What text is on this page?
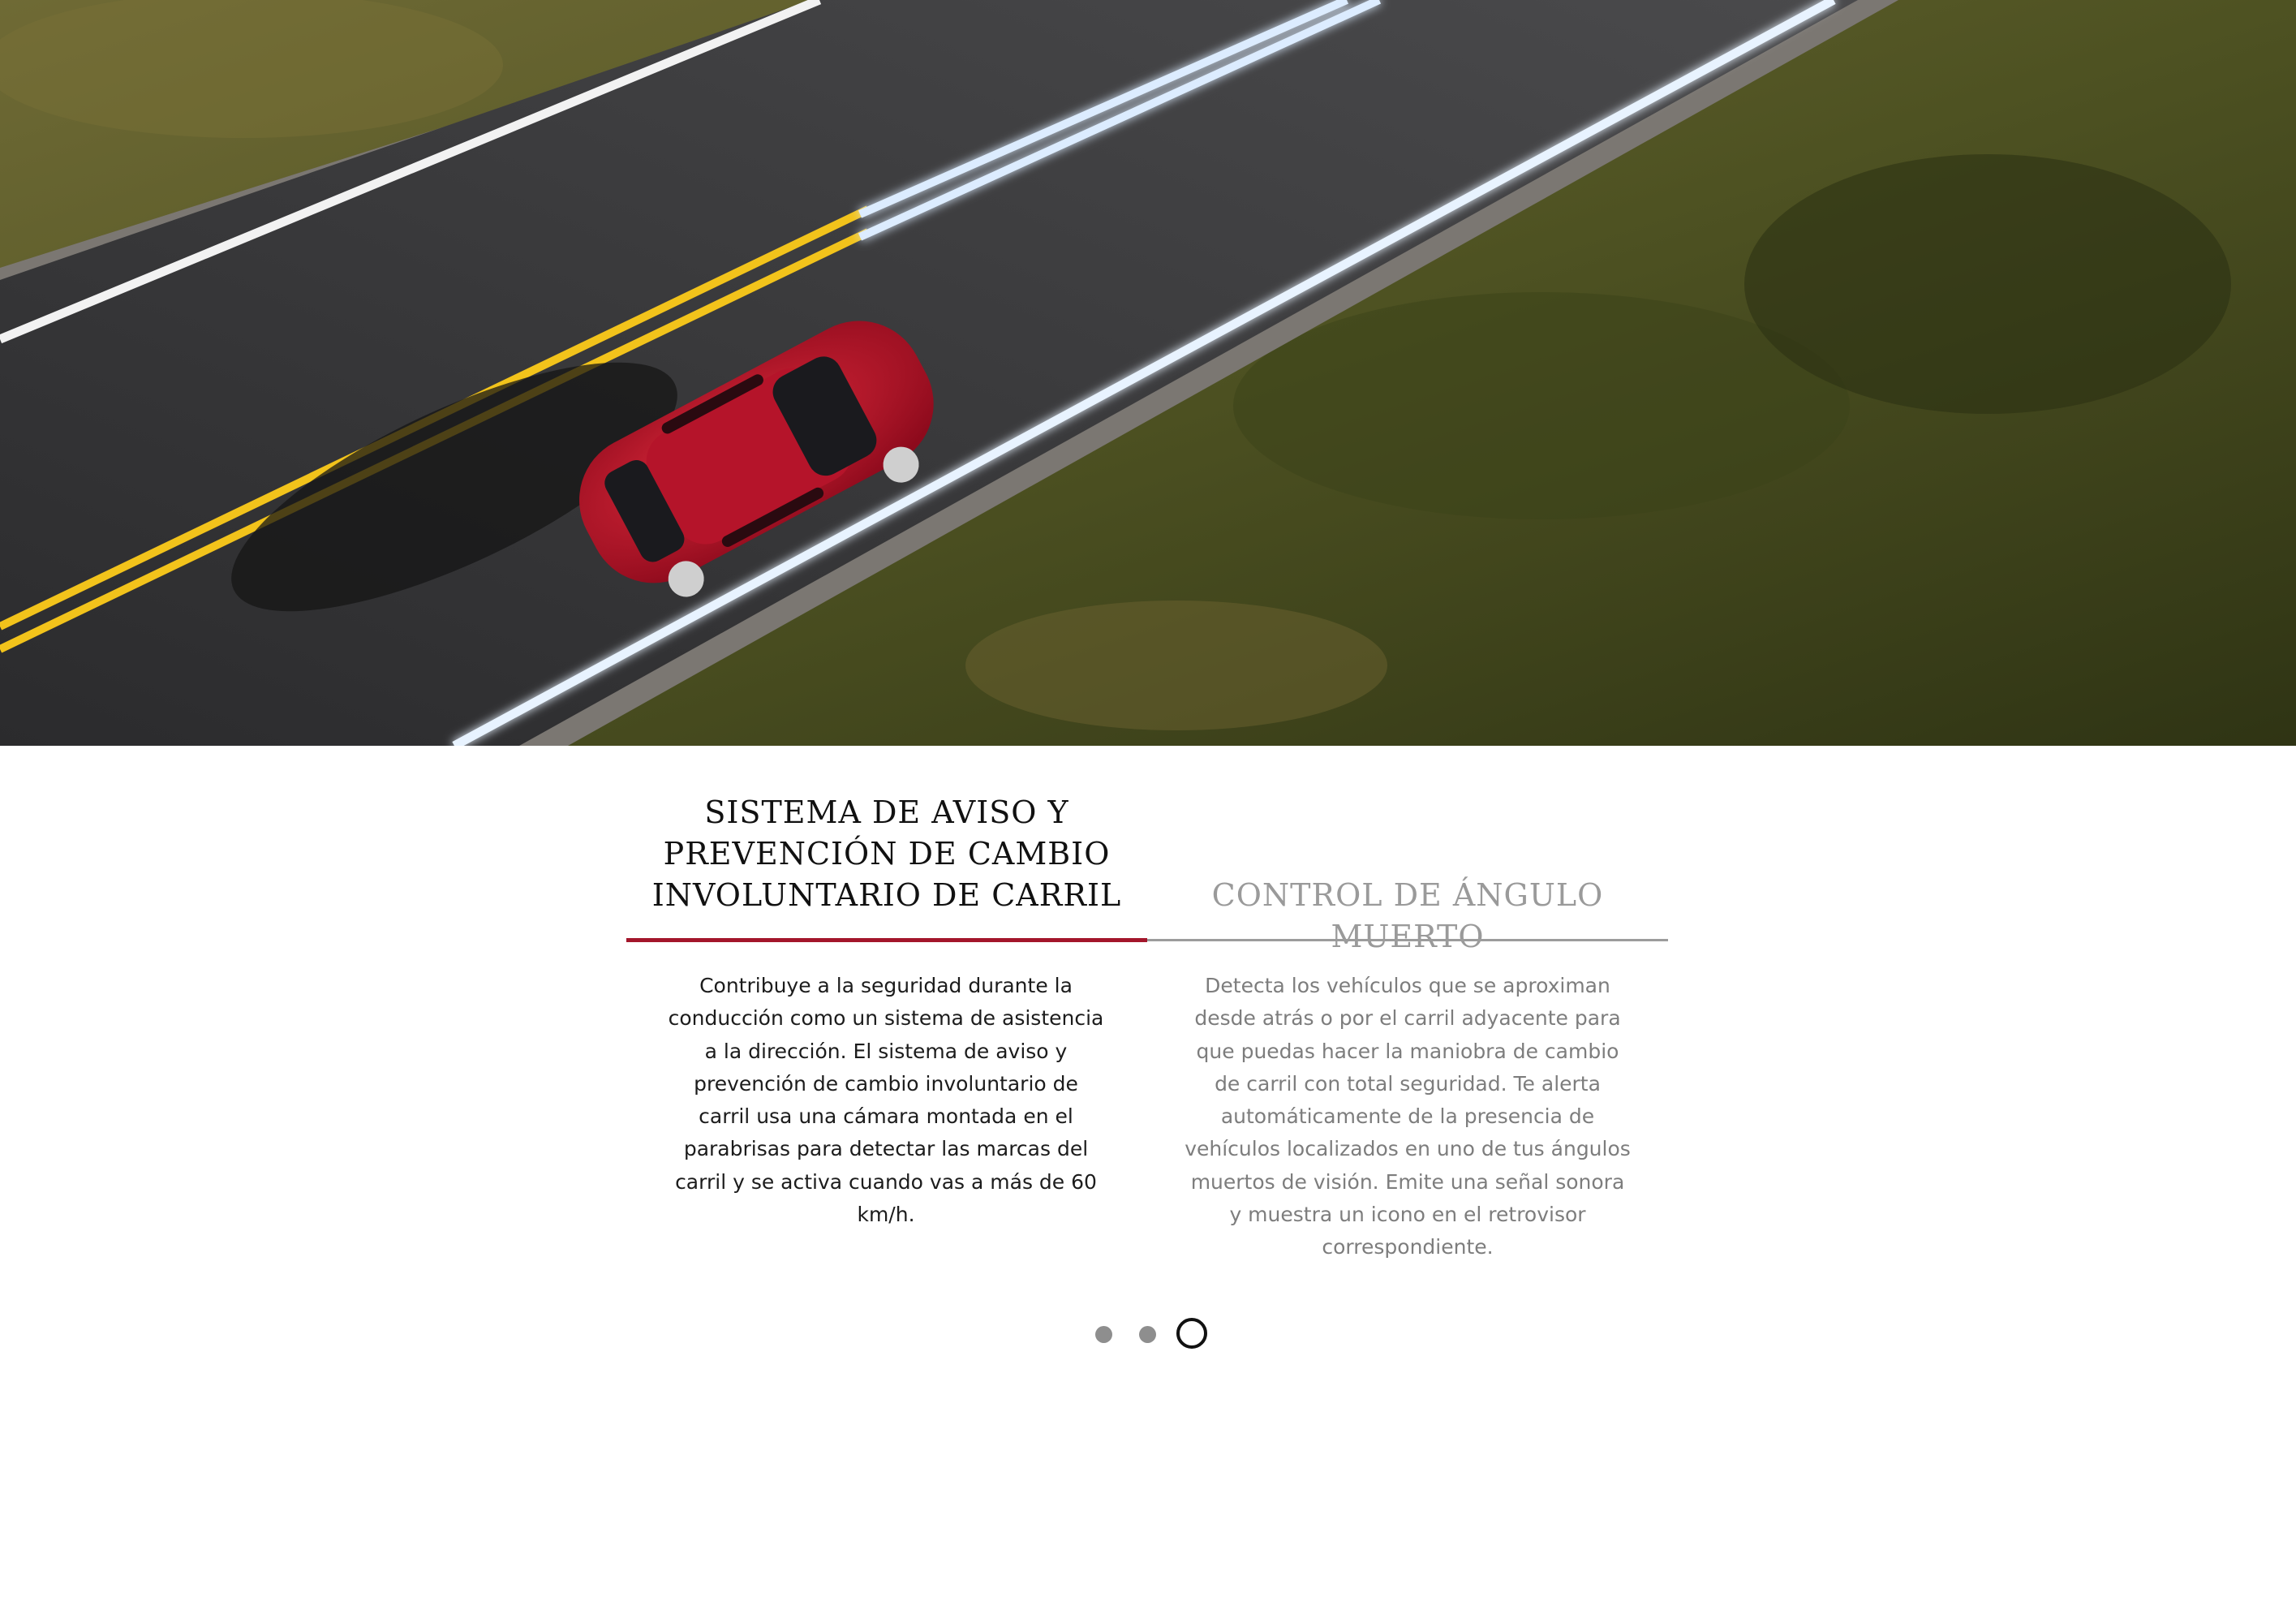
SISTEMA DE AVISO Y PREVENCIÓN DE CAMBIO INVOLUNTARIO DE CARRIL	CONTROL DE ÁNGULO MUERTO

Contribuye a la seguridad durante la conducción como un sistema de asistencia a la dirección. El sistema de aviso y prevención de cambio involuntario de carril usa una cámara montada en el parabrisas para detectar las marcas del carril y se activa cuando vas a más de 60 km/h.

Detecta los vehículos que se aproximan desde atrás o por el carril adyacente para que puedas hacer la maniobra de cambio de carril con total seguridad. Te alerta automáticamente de la presencia de vehículos localizados en uno de tus ángulos muertos de visión. Emite una señal sonora y muestra un icono en el retrovisor correspondiente.
